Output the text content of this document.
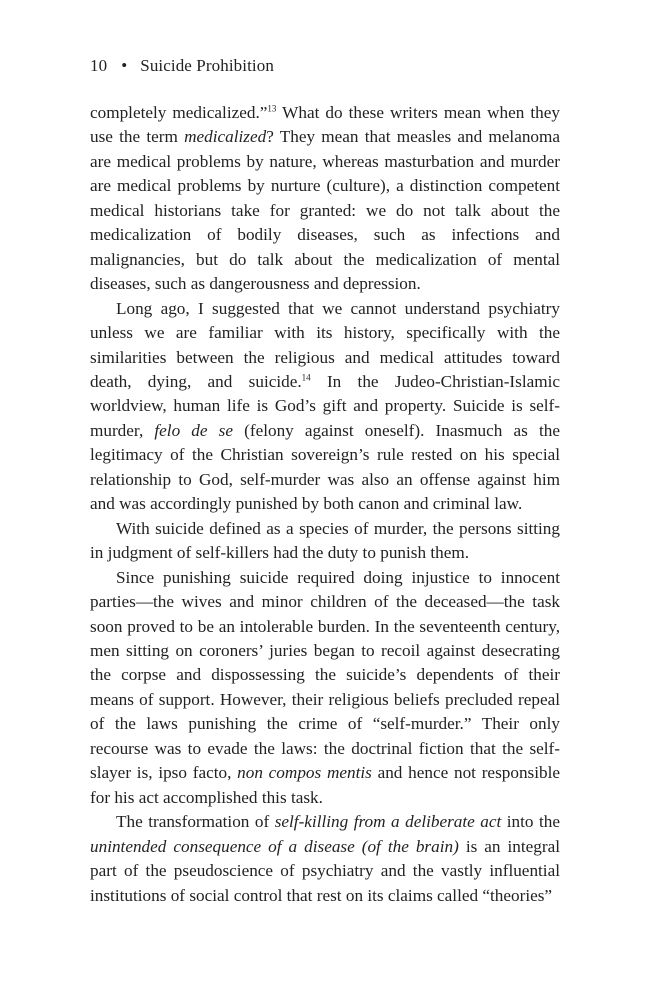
10 • Suicide Prohibition

completely medicalized.”$^{13}$ What do these writers mean when they use the term medicalized? They mean that measles and melanoma are medical problems by nature, whereas masturbation and murder are medical problems by nurture (culture), a distinction competent medical historians take for granted: we do not talk about the medicalization of bodily diseases, such as infections and malignancies, but do talk about the medicalization of mental diseases, such as dangerousness and depression.

Long ago, I suggested that we cannot understand psychiatry unless we are familiar with its history, specifically with the similarities between the religious and medical attitudes toward death, dying, and suicide.$^{14}$ In the Judeo-Christian-Islamic worldview, human life is God’s gift and property. Suicide is self-murder, felo de se (felony against oneself). Inasmuch as the legitimacy of the Christian sovereign’s rule rested on his special relationship to God, self-murder was also an offense against him and was accordingly punished by both canon and criminal law.

With suicide defined as a species of murder, the persons sitting in judgment of self-killers had the duty to punish them.

Since punishing suicide required doing injustice to innocent parties—the wives and minor children of the deceased—the task soon proved to be an intolerable burden. In the seventeenth century, men sitting on coroners’ juries began to recoil against desecrating the corpse and dispossessing the suicide’s dependents of their means of support. However, their religious beliefs precluded repeal of the laws punishing the crime of “self-murder.” Their only recourse was to evade the laws: the doctrinal fiction that the self-slayer is, ipso facto, non compos mentis and hence not responsible for his act accomplished this task.

The transformation of self-killing from a deliberate act into the unintended consequence of a disease (of the brain) is an integral part of the pseudoscience of psychiatry and the vastly influential institutions of social control that rest on its claims called “theories”
